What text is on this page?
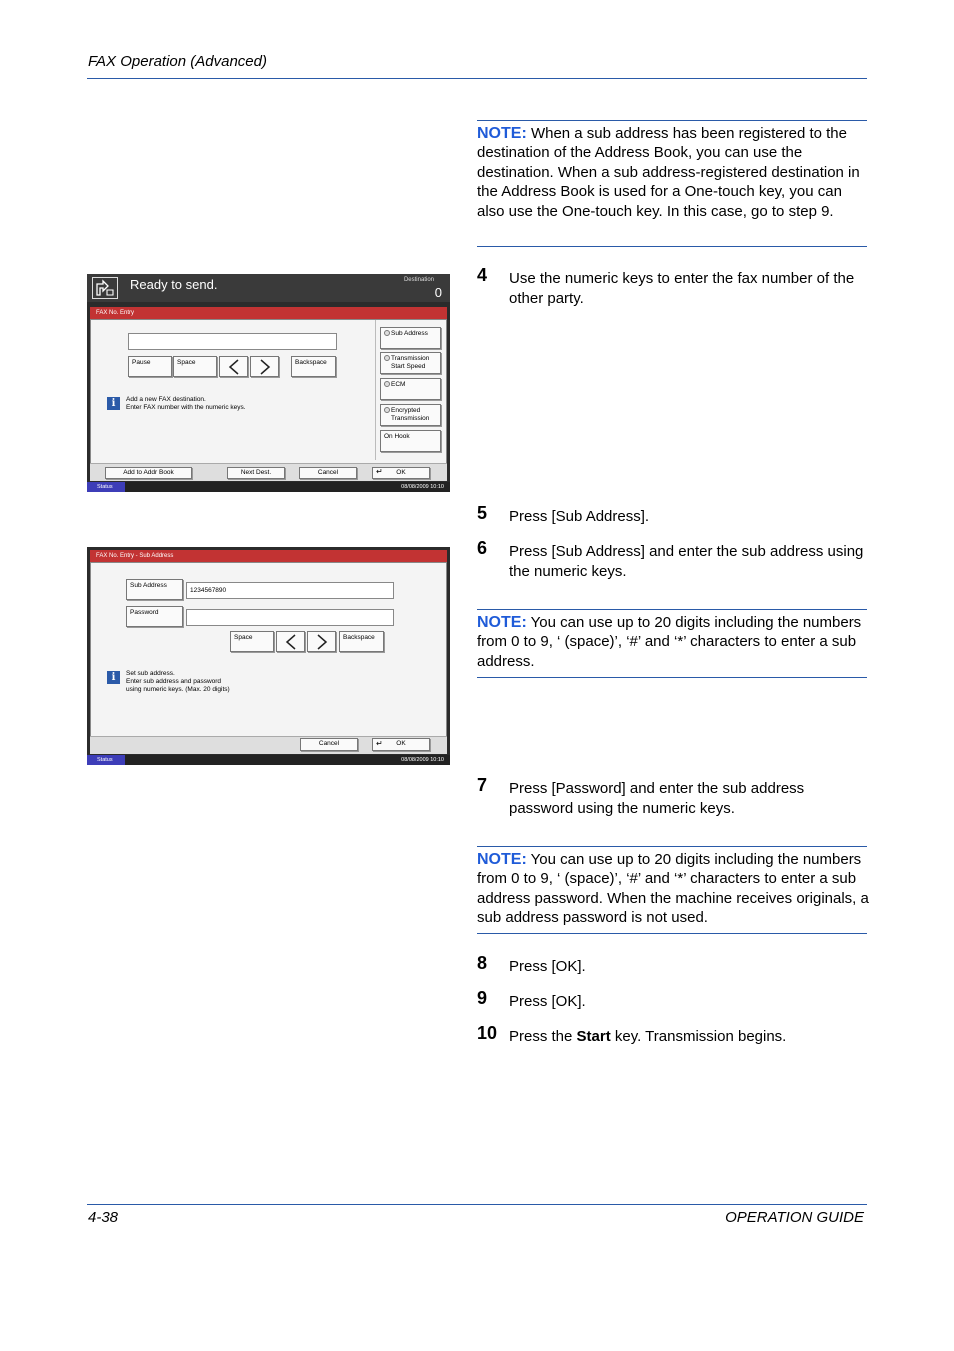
FAX Operation (Advanced)
NOTE: When a sub address has been registered to the destination of the Address Book, you can use the destination. When a sub address-registered destination in the Address Book is used for a One-touch key, you can also use the One-touch key. In this case, go to step 9.
4 Use the numeric keys to enter the fax number of the other party.
Ready to send.	Destination
0
FAX No. Entry
Pause	Space	Backspace
Sub Address
Transmission
Start Speed
ECM
Encrypted
Transmission
On Hook
i	Add a new FAX destination.
Enter FAX number with the numeric keys.
Add to Addr Book	Next Dest.	Cancel	↵ OK
Status	08/08/2009 10:10
5 Press [Sub Address].
6 Press [Sub Address] and enter the sub address using the numeric keys.
NOTE: You can use up to 20 digits including the numbers from 0 to 9, ‘ (space)’, ‘#’ and ‘*’ characters to enter a sub address.
FAX No. Entry - Sub Address
Sub Address
1234567890
Password
Space	Backspace
i	Set sub address.
Enter sub address and password
using numeric keys. (Max. 20 digits)
Cancel	↵ OK
Status	08/08/2009 10:10
7 Press [Password] and enter the sub address password using the numeric keys.
NOTE: You can use up to 20 digits including the numbers from 0 to 9, ‘ (space)’, ‘#’ and ‘*’ characters to enter a sub address password. When the machine receives originals, a sub address password is not used.
8 Press [OK].
9 Press [OK].
10 Press the Start key. Transmission begins.
4-38	OPERATION GUIDE
